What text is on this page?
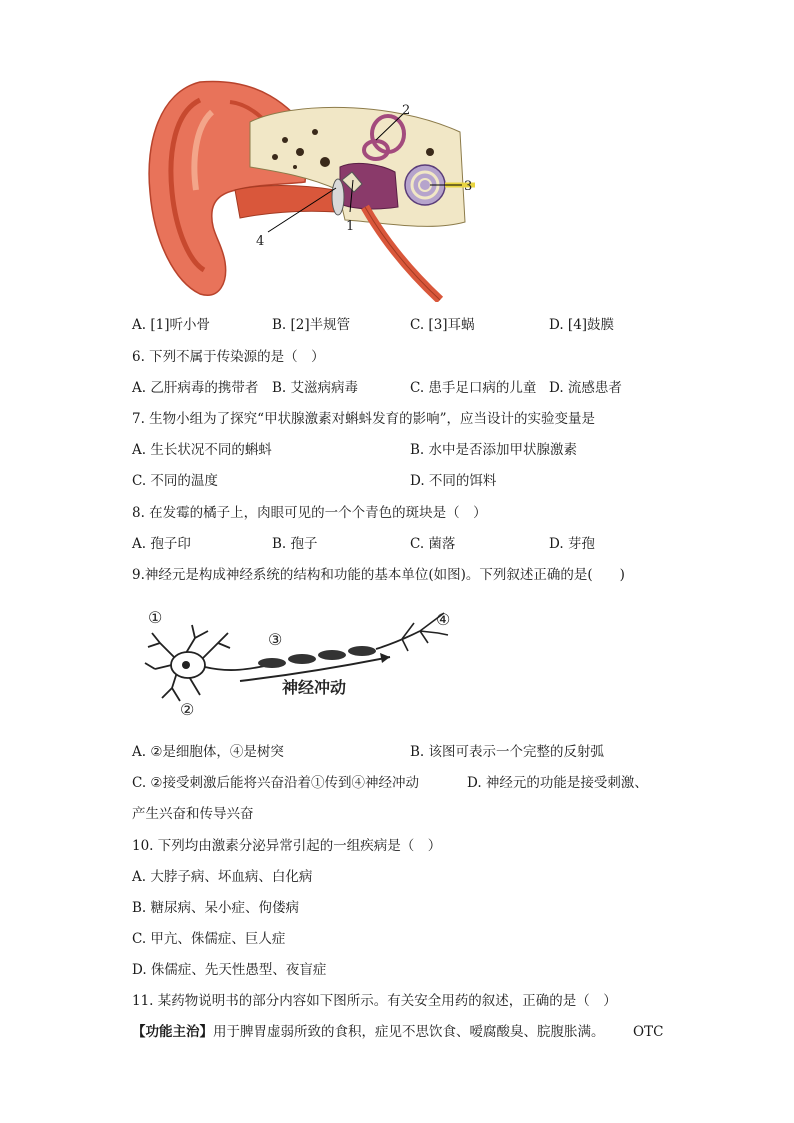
2
3
1
4
A. [1]听小骨	B. [2]半规管	C. [3]耳蜗	D. [4]鼓膜
6. 下列不属于传染源的是（　）
A. 乙肝病毒的携带者 B. 艾滋病病毒	C. 患手足口病的儿童 D. 流感患者
7. 生物小组为了探究“甲状腺激素对蝌蚪发育的影响”，应当设计的实验变量是
A. 生长状况不同的蝌蚪	B. 水中是否添加甲状腺激素
C. 不同的温度	D. 不同的饵料
8. 在发霉的橘子上，肉眼可见的一个个青色的斑块是（　）
A. 孢子印	B. 孢子	C. 菌落	D. 芽孢
9.神经元是构成神经系统的结构和功能的基本单位(如图)。下列叙述正确的是(　　)
①
②
③
④
神经冲动
A. ②是细胞体，④是树突	B. 该图可表示一个完整的反射弧
C. ②接受刺激后能将兴奋沿着①传到④神经冲动	D. 神经元的功能是接受刺激、
产生兴奋和传导兴奋
10. 下列均由激素分泌异常引起的一组疾病是（　）
A. 大脖子病、坏血病、白化病
B. 糖尿病、呆小症、佝偻病
C. 甲亢、侏儒症、巨人症
D. 侏儒症、先天性愚型、夜盲症
11. 某药物说明书的部分内容如下图所示。有关安全用药的叙述，正确的是（　）
【功能主治】用于脾胃虚弱所致的食积，症见不思饮食、嗳腐酸臭、脘腹胀满。 OTC
